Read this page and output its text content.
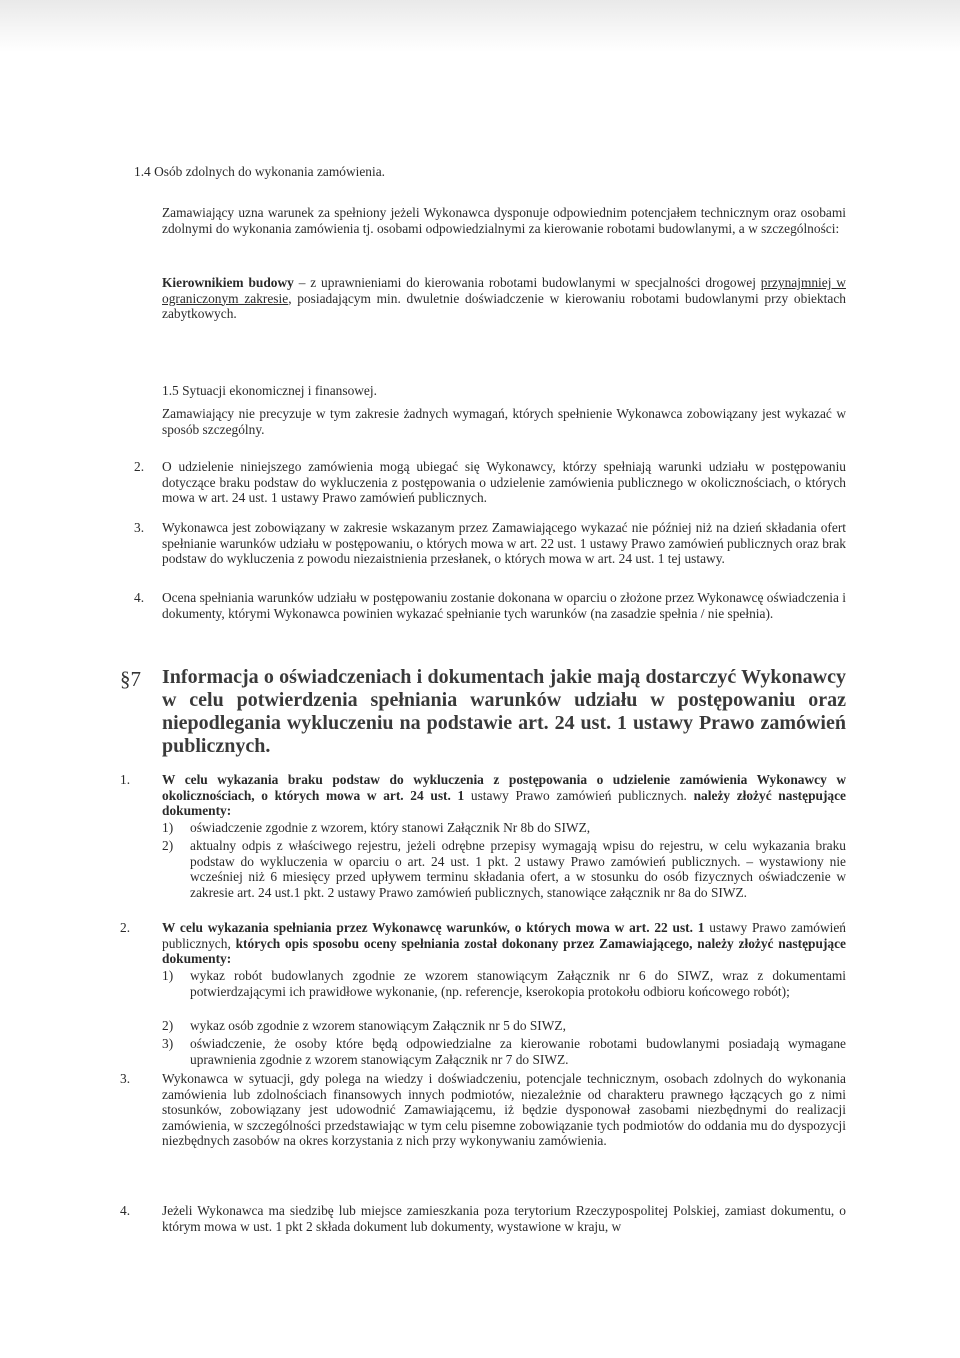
1.4 Osób zdolnych do wykonania zamówienia.
Zamawiający uzna warunek za spełniony jeżeli Wykonawca dysponuje odpowiednim potencjałem technicznym oraz osobami zdolnymi do wykonania zamówienia tj. osobami odpowiedzialnymi za kierowanie robotami budowlanymi, a w szczególności:
Kierownikiem budowy – z uprawnieniami do kierowania robotami budowlanymi w specjalności drogowej przynajmniej w ograniczonym zakresie, posiadającym min. dwuletnie doświadczenie w kierowaniu robotami budowlanymi przy obiektach zabytkowych.
1.5 Sytuacji ekonomicznej i finansowej.
Zamawiający nie precyzuje w tym zakresie żadnych wymagań, których spełnienie Wykonawca zobowiązany jest wykazać w sposób szczególny.
2. O udzielenie niniejszego zamówienia mogą ubiegać się Wykonawcy, którzy spełniają warunki udziału w postępowaniu dotyczące braku podstaw do wykluczenia z postępowania o udzielenie zamówienia publicznego w okolicznościach, o których mowa w art. 24 ust. 1 ustawy Prawo zamówień publicznych.
3. Wykonawca jest zobowiązany w zakresie wskazanym przez Zamawiającego wykazać nie później niż na dzień składania ofert spełnianie warunków udziału w postępowaniu, o których mowa w art. 22 ust. 1 ustawy Prawo zamówień publicznych oraz brak podstaw do wykluczenia z powodu niezaistnienia przesłanek, o których mowa w art. 24 ust. 1 tej ustawy.
4. Ocena spełniania warunków udziału w postępowaniu zostanie dokonana w oparciu o złożone przez Wykonawcę oświadczenia i dokumenty, którymi Wykonawca powinien wykazać spełnianie tych warunków (na zasadzie spełnia / nie spełnia).
§7 Informacja o oświadczeniach i dokumentach jakie mają dostarczyć Wykonawcy w celu potwierdzenia spełniania warunków udziału w postępowaniu oraz niepodlegania wykluczeniu na podstawie art. 24 ust. 1 ustawy Prawo zamówień publicznych.
1. W celu wykazania braku podstaw do wykluczenia z postępowania o udzielenie zamówienia Wykonawcy w okolicznościach, o których mowa w art. 24 ust. 1 ustawy Prawo zamówień publicznych. należy złożyć następujące dokumenty:
1) oświadczenie zgodnie z wzorem, który stanowi Załącznik Nr 8b do SIWZ,
2) aktualny odpis z właściwego rejestru, jeżeli odrębne przepisy wymagają wpisu do rejestru, w celu wykazania braku podstaw do wykluczenia w oparciu o art. 24 ust. 1 pkt. 2 ustawy Prawo zamówień publicznych. – wystawiony nie wcześniej niż 6 miesięcy przed upływem terminu składania ofert, a w stosunku do osób fizycznych oświadczenie w zakresie art. 24 ust.1 pkt. 2 ustawy Prawo zamówień publicznych, stanowiące załącznik nr 8a do SIWZ.
2. W celu wykazania spełniania przez Wykonawcę warunków, o których mowa w art. 22 ust. 1 ustawy Prawo zamówień publicznych, których opis sposobu oceny spełniania został dokonany przez Zamawiającego, należy złożyć następujące dokumenty:
1) wykaz robót budowlanych zgodnie ze wzorem stanowiącym Załącznik nr 6 do SIWZ, wraz z dokumentami potwierdzającymi ich prawidłowe wykonanie, (np. referencje, kserokopia protokołu odbioru końcowego robót);
2) wykaz osób zgodnie z wzorem stanowiącym Załącznik nr 5 do SIWZ,
3) oświadczenie, że osoby które będą odpowiedzialne za kierowanie robotami budowlanymi posiadają wymagane uprawnienia zgodnie z wzorem stanowiącym Załącznik nr 7 do SIWZ.
3. Wykonawca w sytuacji, gdy polega na wiedzy i doświadczeniu, potencjale technicznym, osobach zdolnych do wykonania zamówienia lub zdolnościach finansowych innych podmiotów, niezależnie od charakteru prawnego łączących go z nimi stosunków, zobowiązany jest udowodnić Zamawiającemu, iż będzie dysponował zasobami niezbędnymi do realizacji zamówienia, w szczególności przedstawiając w tym celu pisemne zobowiązanie tych podmiotów do oddania mu do dyspozycji niezbędnych zasobów na okres korzystania z nich przy wykonywaniu zamówienia.
4. Jeżeli Wykonawca ma siedzibę lub miejsce zamieszkania poza terytorium Rzeczypospolitej Polskiej, zamiast dokumentu, o którym mowa w ust. 1 pkt 2 składa dokument lub dokumenty, wystawione w kraju, w
